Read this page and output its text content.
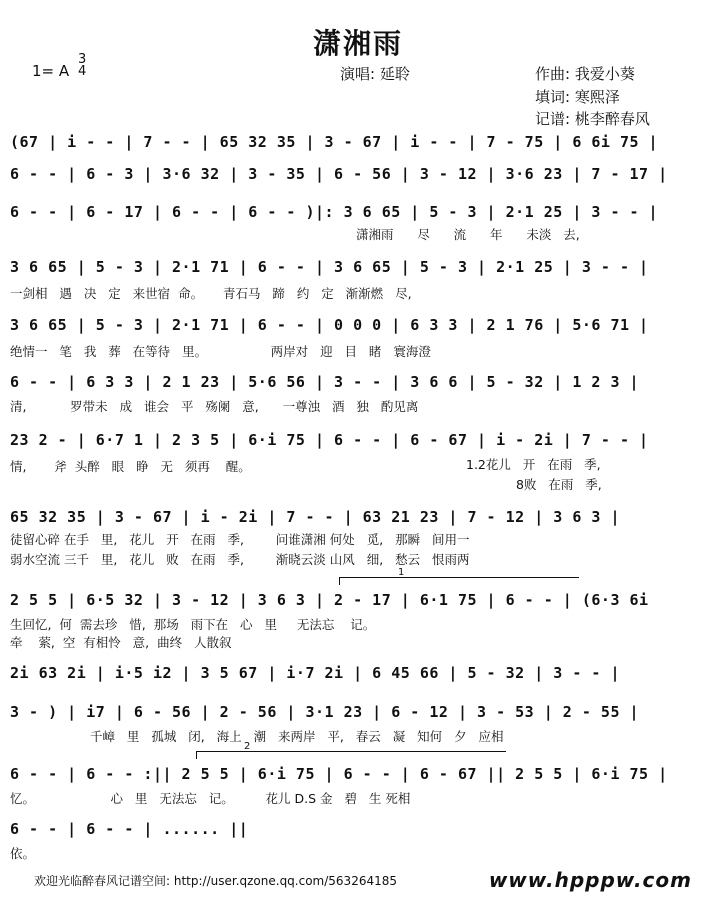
潇湘雨
1= A
3
4	演唱: 延聆	作曲: 我爱小葵
填词: 寒熙泽
记谱: 桃李醉春风
(67 | i - - | 7 - - | 65 32 35 | 3 - 67 | i - - | 7 - 75 | 6 6i 75 |
6 - - | 6 - 3 | 3·6 32 | 3 - 35 | 6 - 56 | 3 - 12 | 3·6 23 | 7 - 17 |
6 - - | 6 - 17 | 6 - - | 6 - - )|: 3 6 65 | 5 - 3 | 2·1 25 | 3 - - |
潇湘雨      尽      流      年      未淡   去,
3 6 65 | 5 - 3 | 2·1 71 | 6 - - | 3 6 65 | 5 - 3 | 2·1 25 | 3 - - |
一剑相   遇   决   定   来世宿  命。     青石马   蹄   约   定   渐渐燃   尽,
3 6 65 | 5 - 3 | 2·1 71 | 6 - - | 0 0 0 | 6 3 3 | 2 1 76 | 5·6 71 |
绝情一   笔   我   葬   在等待   里。                两岸对   迎   目   睹   寰海澄
6 - - | 6 3 3 | 2 1 23 | 5·6 56 | 3 - - | 3 6 6 | 5 - 32 | 1 2 3 |
清,           罗带未   成   谁会   平   殇阑   意,      一尊浊   酒   独   酌见离
23 2 - | 6·7 1 | 2 3 5 | 6·i 75 | 6 - - | 6 - 67 | i - 2i | 7 - - |
情,       斧  头醉   眼   睁   无   须再    醒。	1.2花儿   开   在雨   季,
8败   在雨   季,
65 32 35 | 3 - 67 | i - 2i | 7 - - | 63 21 23 | 7 - 12 | 3 6 3 |
徒留心碎 在手   里,   花儿   开   在雨   季,        问谁潇湘 何处   觅,   那瞬   间用一
弱水空流 三千   里,   花儿   败   在雨   季,        渐晓云淡 山风   细,   愁云   恨雨两
1
2 5 5 | 6·5 32 | 3 - 12 | 3 6 3 | 2 - 17 | 6·1 75 | 6 - - | (6·3 6i
生回忆,  何  需去珍   惜,  那场   雨下在   心   里     无法忘    记。
牵    萦,  空  有相怜   意,  曲终   人散叙
2i 63 2i | i·5 i2 | 3 5 67 | i·7 2i | 6 45 66 | 5 - 32 | 3 - - |
3 - ) | i7 | 6 - 56 | 2 - 56 | 3·1 23 | 6 - 12 | 3 - 53 | 2 - 55 |
千嶂   里   孤城   闭,   海上   潮   来两岸   平,   春云   凝   知何   夕   应相
2
6 - - | 6 - - :|| 2 5 5 | 6·i 75 | 6 - - | 6 - 67 || 2 5 5 | 6·i 75 |
忆。                   心   里   无法忘   记。        花儿 D.S 金   碧   生 死相
6 - - | 6 - - | ...... ||
依。
欢迎光临醉春风记谱空间: http://user.qzone.qq.com/563264185	www.hpppw.com
